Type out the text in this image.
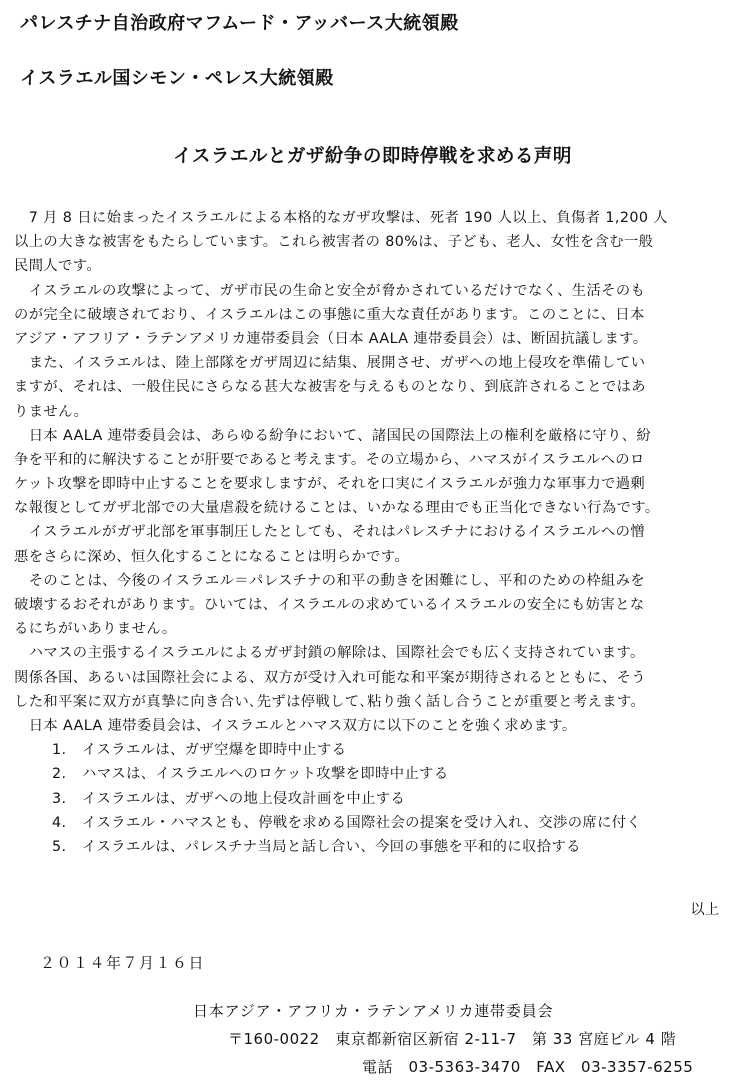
パレスチナ自治政府マフムード・アッバース大統領殿
イスラエル国シモン・ペレス大統領殿
イスラエルとガザ紛争の即時停戦を求める声明
　7 月 8 日に始まったイスラエルによる本格的なガザ攻撃は、死者 190 人以上、負傷者 1,200 人
以上の大きな被害をもたらしています。これら被害者の 80%は、子ども、老人、女性を含む一般
民間人です。
　イスラエルの攻撃によって、ガザ市民の生命と安全が脅かされているだけでなく、生活そのも
のが完全に破壊されており、イスラエルはこの事態に重大な責任があります。このことに、日本
アジア・アフリア・ラテンアメリカ連帯委員会（日本 AALA 連帯委員会）は、断固抗議します。
　また、イスラエルは、陸上部隊をガザ周辺に結集、展開させ、ガザへの地上侵攻を準備してい
ますが、それは、一般住民にさらなる甚大な被害を与えるものとなり、到底許されることではあ
りません。
　日本 AALA 連帯委員会は、あらゆる紛争において、諸国民の国際法上の権利を厳格に守り、紛
争を平和的に解決することが肝要であると考えます。その立場から、ハマスがイスラエルへのロ
ケット攻撃を即時中止することを要求しますが、それを口実にイスラエルが強力な軍事力で過剰
な報復としてガザ北部での大量虐殺を続けることは、いかなる理由でも正当化できない行為です。
　イスラエルがガザ北部を軍事制圧したとしても、それはパレスチナにおけるイスラエルへの憎
悪をさらに深め、恒久化することになることは明らかです。
　そのことは、今後のイスラエル＝パレスチナの和平の動きを困難にし、平和のための枠組みを
破壊するおそれがあります。ひいては、イスラエルの求めているイスラエルの安全にも妨害とな
るにちがいありません。
　ハマスの主張するイスラエルによるガザ封鎖の解除は、国際社会でも広く支持されています。
関係各国、あるいは国際社会による、双方が受け入れ可能な和平案が期待されるとともに、そう
した和平案に双方が真摯に向き合い､先ずは停戦して､粘り強く話し合うことが重要と考えます。
　日本 AALA 連帯委員会は、イスラエルとハマス双方に以下のことを強く求めます。
1. イスラエルは、ガザ空爆を即時中止する
2. ハマスは、イスラエルへのロケット攻撃を即時中止する
3. イスラエルは、ガザへの地上侵攻計画を中止する
4. イスラエル・ハマスとも、停戦を求める国際社会の提案を受け入れ、交渉の席に付く
5. イスラエルは、パレスチナ当局と話し合い、今回の事態を平和的に収拾する
以上
２０１４年７月１６日
日本アジア・アフリカ・ラテンアメリカ連帯委員会
〒160‑0022　東京都新宿区新宿 2‑11‑7　第 33 宮庭ビル 4 階
電話　03‑5363‑3470　FAX　03‑3357‑6255
